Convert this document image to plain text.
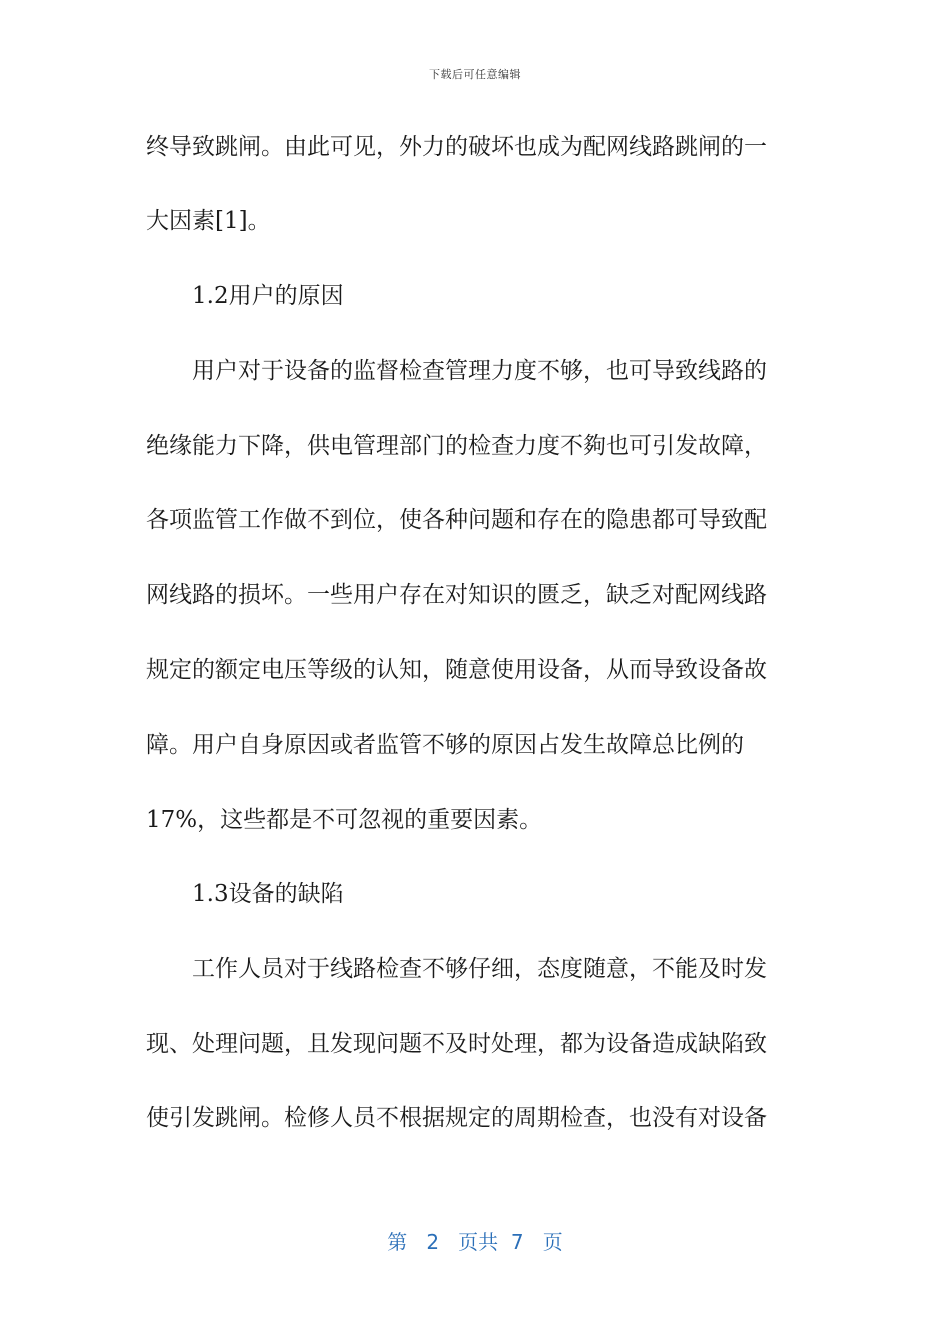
下载后可任意编辑
终导致跳闸。由此可见，外力的破坏也成为配网线路跳闸的一
大因素[1]。
1.2用户的原因
用户对于设备的监督检查管理力度不够，也可导致线路的
绝缘能力下降，供电管理部门的检查力度不夠也可引发故障，
各项监管工作做不到位，使各种问题和存在的隐患都可导致配
网线路的损坏。一些用户存在对知识的匮乏，缺乏对配网线路
规定的额定电压等级的认知，随意使用设备，从而导致设备故
障。用户自身原因或者监管不够的原因占发生故障总比例的
17%，这些都是不可忽视的重要因素。
1.3设备的缺陷
工作人员对于线路检查不够仔细，态度随意，不能及时发
现、处理问题，且发现问题不及时处理，都为设备造成缺陷致
使引发跳闸。检修人员不根据规定的周期检查，也没有对设备
第 2 页共 7 页
